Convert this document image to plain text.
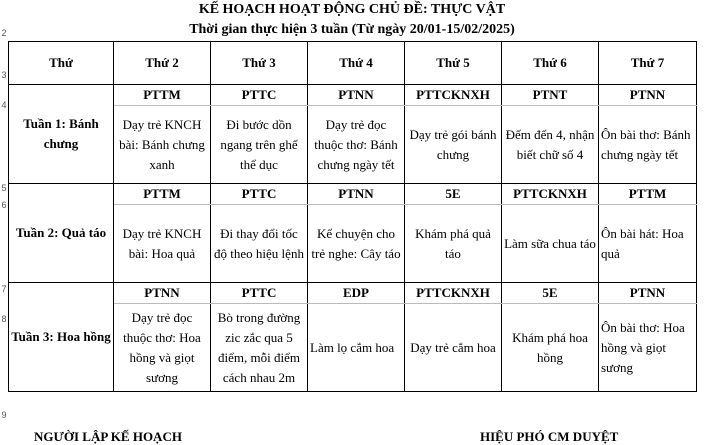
2
3
4
5
6
7
8
9
KẾ HOẠCH HOẠT ĐỘNG CHỦ ĐỀ: THỰC VẬT
Thời gian thực hiện 3 tuần (Từ ngày 20/01-15/02/2025)
Thứ	Thứ 2	Thứ 3	Thứ 4	Thứ 5	Thứ 6	Thứ 7
Tuần 1: Bánh chưng	PTTM	PTTC	PTNN	PTTCKNXH	PTNT	PTNN
	Dạy trẻ KNCH bài: Bánh chưng xanh	Đi bước dồn ngang trên ghế thể dục	Dạy trẻ đọc thuộc thơ: Bánh chưng ngày tết	Dạy trẻ gói bánh chưng	Đếm đến 4, nhận biết chữ số 4	Ôn bài thơ: Bánh chưng ngày tết
Tuần 2: Quả táo	PTTM	PTTC	PTNN	5E	PTTCKNXH	PTTM
	Dạy trẻ KNCH bài: Hoa quả	Đi thay đổi tốc độ theo hiệu lệnh	Kể chuyện cho trẻ nghe: Cây táo	Khám phá quả táo	Làm sữa chua táo	Ôn bài hát: Hoa quả
Tuần 3: Hoa hồng	PTNN	PTTC	EDP	PTTCKNXH	5E	PTNN
	Dạy trẻ đọc thuộc thơ: Hoa hồng và giọt sương	Bò trong đường zic zắc qua 5 điểm, mỗi điểm cách nhau 2m	Làm lọ cắm hoa	Dạy trẻ cắm hoa	Khám phá hoa hồng	Ôn bài thơ: Hoa hồng và giọt sương
NGƯỜI LẬP KẾ HOẠCH	HIỆU PHÓ CM DUYỆT
